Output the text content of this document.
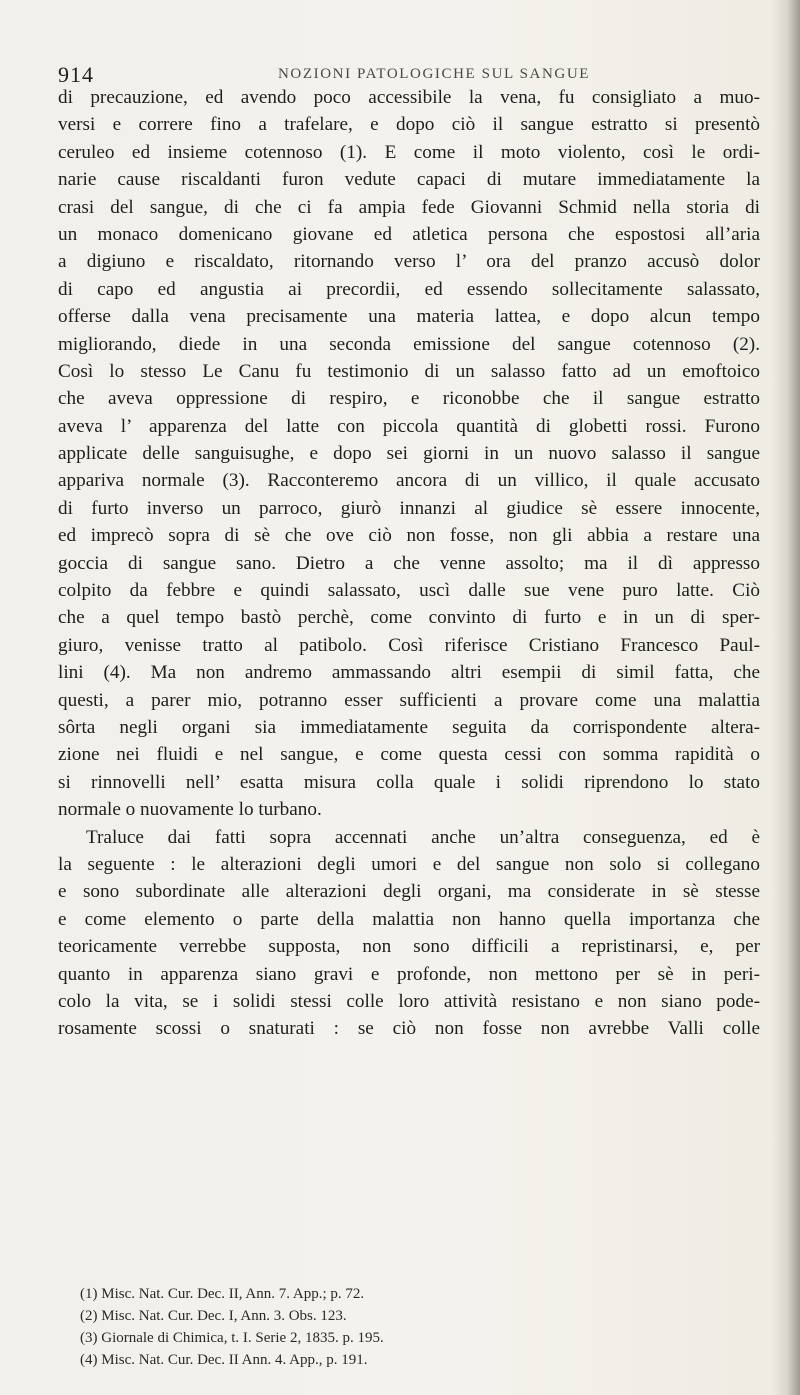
914	NOZIONI PATOLOGICHE SUL SANGUE
di precauzione, ed avendo poco accessibile la vena, fu consigliato a muo-
versi e correre fino a trafelare, e dopo ciò il sangue estratto si presentò
ceruleo ed insieme cotennoso (1). E come il moto violento, così le ordi-
narie cause riscaldanti furon vedute capaci di mutare immediatamente la
crasi del sangue, di che ci fa ampia fede Giovanni Schmid nella storia di
un monaco domenicano giovane ed atletica persona che espostosi all’aria
a digiuno e riscaldato, ritornando verso l’ ora del pranzo accusò dolor
di capo ed angustia ai precordii, ed essendo sollecitamente salassato,
offerse dalla vena precisamente una materia lattea, e dopo alcun tempo
migliorando, diede in una seconda emissione del sangue cotennoso (2).
Così lo stesso Le Canu fu testimonio di un salasso fatto ad un emoftoico
che aveva oppressione di respiro, e riconobbe che il sangue estratto
aveva l’ apparenza del latte con piccola quantità di globetti rossi. Furono
applicate delle sanguisughe, e dopo sei giorni in un nuovo salasso il sangue
appariva normale (3). Racconteremo ancora di un villico, il quale accusato
di furto inverso un parroco, giurò innanzi al giudice sè essere innocente,
ed imprecò sopra di sè che ove ciò non fosse, non gli abbia a restare una
goccia di sangue sano. Dietro a che venne assolto; ma il dì appresso
colpito da febbre e quindi salassato, uscì dalle sue vene puro latte. Ciò
che a quel tempo bastò perchè, come convinto di furto e in un di sper-
giuro, venisse tratto al patibolo. Così riferisce Cristiano Francesco Paul-
lini (4). Ma non andremo ammassando altri esempii di simil fatta, che
questi, a parer mio, potranno esser sufficienti a provare come una malattia
sôrta negli organi sia immediatamente seguita da corrispondente altera-
zione nei fluidi e nel sangue, e come questa cessi con somma rapidità o
si rinnovelli nell’ esatta misura colla quale i solidi riprendono lo stato
normale o nuovamente lo turbano.
Traluce dai fatti sopra accennati anche un’altra conseguenza, ed è
la seguente : le alterazioni degli umori e del sangue non solo si collegano
e sono subordinate alle alterazioni degli organi, ma considerate in sè stesse
e come elemento o parte della malattia non hanno quella importanza che
teoricamente verrebbe supposta, non sono difficili a repristinarsi, e, per
quanto in apparenza siano gravi e profonde, non mettono per sè in peri-
colo la vita, se i solidi stessi colle loro attività resistano e non siano pode-
rosamente scossi o snaturati : se ciò non fosse non avrebbe Valli colle
(1) Misc. Nat. Cur. Dec. II, Ann. 7. App.; p. 72.
(2) Misc. Nat. Cur. Dec. I, Ann. 3. Obs. 123.
(3) Giornale di Chimica, t. I. Serie 2, 1835. p. 195.
(4) Misc. Nat. Cur. Dec. II Ann. 4. App., p. 191.
